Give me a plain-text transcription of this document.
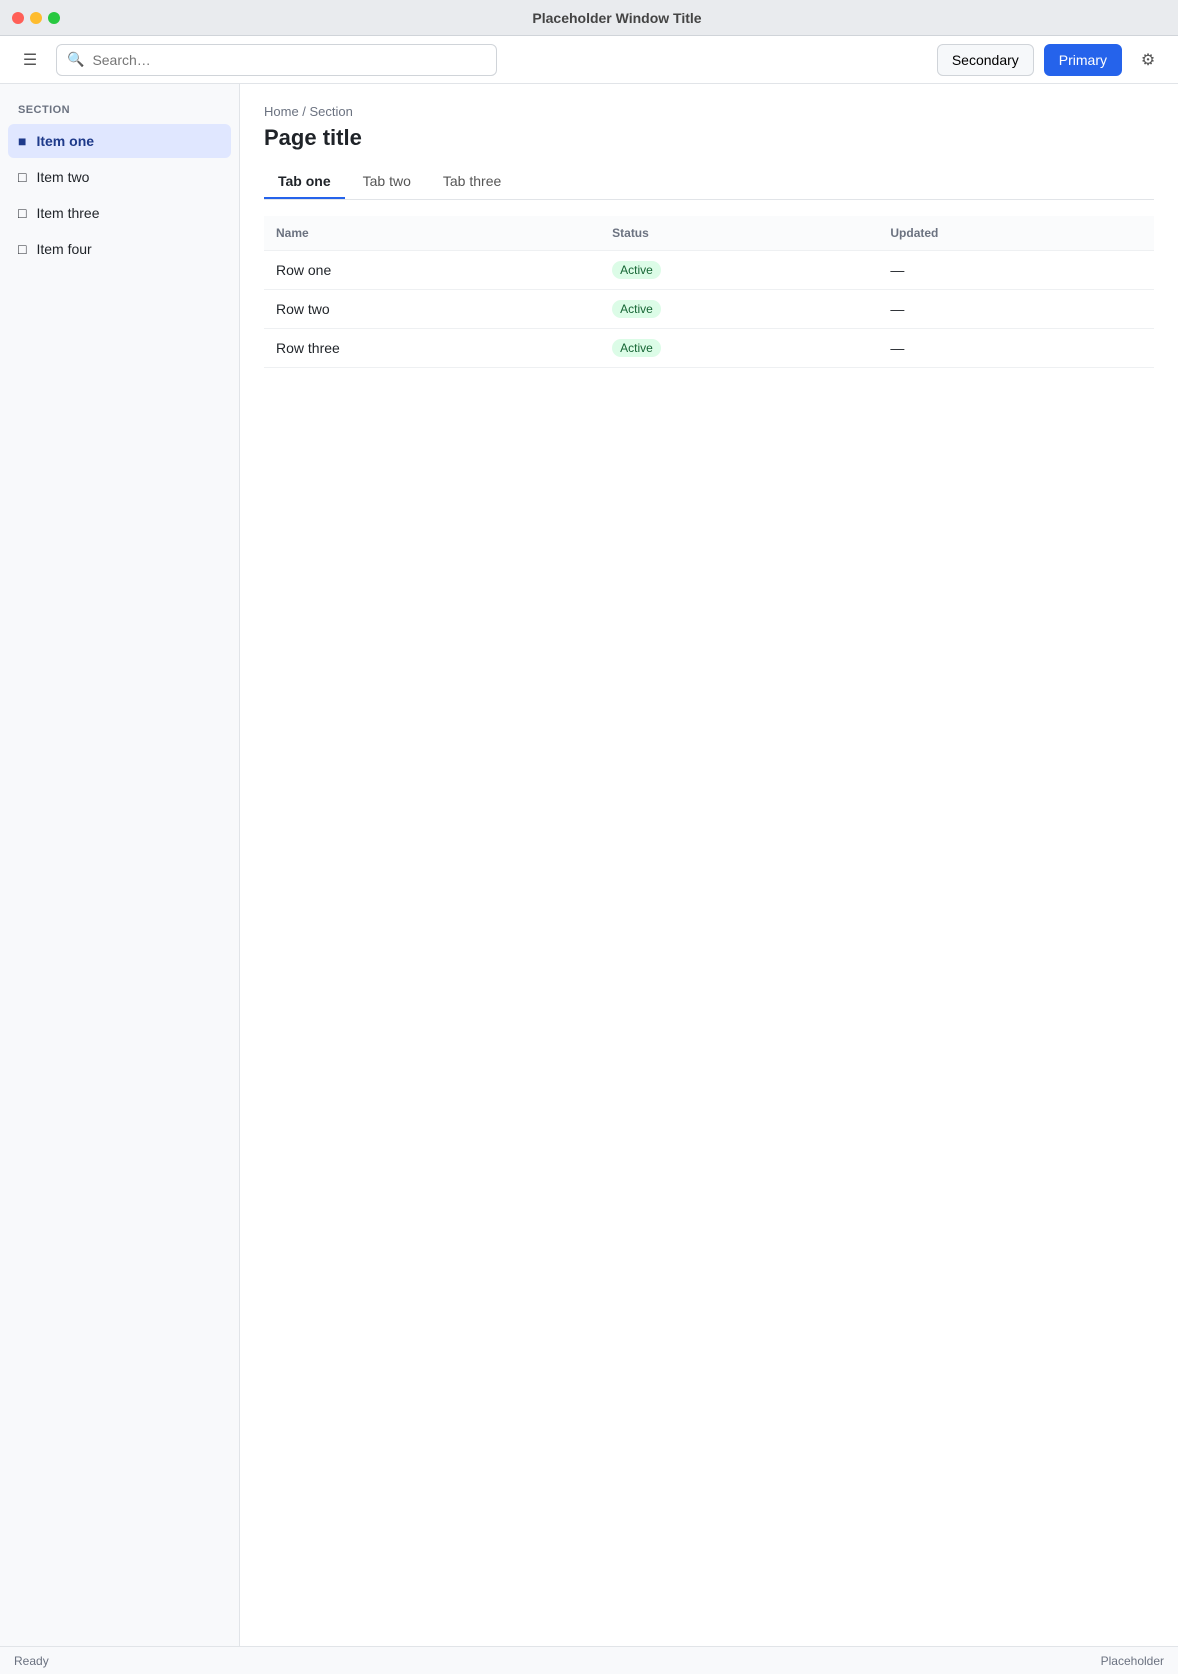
Placeholder Window Title
☰	🔍
Search…	Secondary	Primary	⚙
SECTION
■ Item one
□ Item two
□ Item three
□ Item four
Home / Section
Page title
Tab one	Tab two	Tab three
Name	Status	Updated
Row one	Active	—
Row two	Active	—
Row three	Active	—
Ready	Placeholder
